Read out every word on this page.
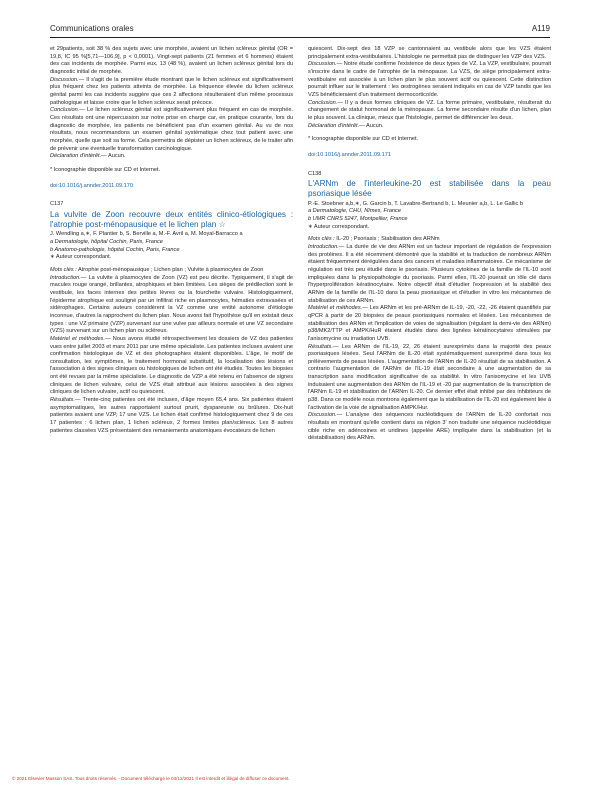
Communications orales	A119

et 29patients, soit 38 % des sujets avec une morphée, avaient un lichen scléreux génital (OR = 19,8, IC 95 %[5,71—106,9], p < 0,0001). Vingt-sept patients (21 femmes et 6 hommes) étaient des cas incidents de morphée. Parmi eux, 13 (48 %), avaient un lichen scléreux génital lors du diagnostic initial de morphée.

Discussion.— Il s'agit de la première étude montrant que le lichen scléreux est significativement plus fréquent chez les patients atteints de morphée. La fréquence élevée du lichen scléreux génital parmi les cas incidents suggère que ces 2 affections résulteraient d'un même processus pathologique et laisse croire que le lichen scléreux serait précoce.

Conclusion.— Le lichen scléreux génital est significativement plus fréquent en cas de morphée. Ces résultats ont une répercussion sur notre prise en charge car, en pratique courante, lors du diagnostic de morphée, les patients ne bénéficient pas d'un examen génital. Au vu de nos résultats, nous recommandons un examen génital systématique chez tout patient avec une morphée, quelle que soit sa forme. Cela permettra de dépister un lichen scléreux, de le traiter afin de prévenir une éventuelle transformation carcinologique.

Déclaration d'intérêt.— Aucun.

* Iconographie disponible sur CD et Internet.

doi:10.1016/j.annder.2011.09.170

C137

La vulvite de Zoon recouvre deux entités clinico-étiologiques : l'atrophie post-ménopausique et le lichen plan ☆

J. Wendling a,∗, F. Plantier b, S. Berville a, M.-F. Avril a, M. Moyal-Barracco a

a Dermatologie, hôpital Cochin, Paris, France

b Anatomo-pathologie, hôpital Cochin, Paris, France

∗ Auteur correspondant.

Mots clés : Atrophie post-ménopausique ; Lichen plan ; Vulvite à plasmocytes de Zoon

Introduction.— La vulvite à plasmocytes de Zoon (VZ) est peu décrite. Typiquement, il s'agit de macules rouge orangé, brillantes, atrophiques et bien limitées. Les sièges de prédilection sont le vestibule, les faces internes des petites lèvres ou la fourchette vulvaire. Histologiquement, l'épiderme atrophique est souligné par un infiltrat riche en plasmocytes, hématies extravasées et sidérophages. Certains auteurs considèrent la VZ comme une entité autonome d'étiologie inconnue, d'autres la rapprochent du lichen plan. Nous avons fait l'hypothèse qu'il en existait deux types : une VZ primaire (VZP) survenant sur une vulve par ailleurs normale et une VZ secondaire (VZS) survenant sur un lichen plan ou scléreux.

Matériel et méthodes.— Nous avons étudié rétrospectivement les dossiers de VZ des patientes vues entre juillet 2003 et mars 2011 par une même spécialiste. Les patientes incluses avaient une confirmation histologique de VZ et des photographies étaient disponibles. L'âge, le motif de consultation, les symptômes, le traitement hormonal substitutif, la localisation des lésions et l'association à des signes cliniques ou histologiques de lichen ont été étudiés. Toutes les biopsies ont été revues par la même spécialiste. Le diagnostic de VZP a été retenu en l'absence de signes cliniques de lichen vulvaire, celui de VZS était attribué aux lésions associées à des signes cliniques de lichen vulvaire, actif ou quiescent.

Résultats.— Trente-cinq patientes ont été incluses, d'âge moyen 65,4 ans. Six patientes étaient asymptomatiques, les autres rapportaient surtout prurit, dyspareunie ou brûlures. Dix-huit patientes avaient une VZP, 17 une VZS. Le lichen était confirmé histologiquement chez 9 de ces 17 patientes : 6 lichen plan, 1 lichen scléreux, 2 formes limites plan/scléreux. Les 8 autres patientes classées VZS présentaient des remaniements anatomiques évocateurs de lichen

quiescent. Dix-sept des 18 VZP se cantonnaient au vestibule alors que les VZS étaient principalement extra-vestibulaires. L'histologie ne permettait pas de distinguer les VZP des VZS.

Discussion.— Notre étude confirme l'existence de deux types de VZ. La VZP, vestibulaire, pourrait s'inscrire dans le cadre de l'atrophie de la ménopause. La VZS, de siège principalement extra-vestibulaire est associée à un lichen plan le plus souvent actif ou quiescent. Cette distinction pourrait influer sur le traitement : les œstrogènes seraient indiqués en cas de VZP tandis que les VZS bénéficieraient d'un traitement dermocorticoïde.

Conclusion.— Il y a deux formes cliniques de VZ. La forme primaire, vestibulaire, résulterait du changement de statut hormonal de la ménopause. La forme secondaire résulte d'un lichen, plan le plus souvent. La clinique, mieux que l'histologie, permet de différencier les deux.

Déclaration d'intérêt.— Aucun.

* Iconographie disponible sur CD et Internet.

doi:10.1016/j.annder.2011.09.171

C138

L'ARNm de l'interleukine-20 est stabilisée dans la peau psoriasique lésée

P.-E. Stoebner a,b,∗, G. Garcin b, T. Lavabre-Bertrand b, L. Meunier a,b, L. Le Gallic b

a Dermatologie, CHU, Nîmes, France

b UMR CNRS 5247, Montpellier, France

∗ Auteur correspondant.

Mots clés : IL-20 ; Psoriasis ; Stabilisation des ARNm

Introduction.— La durée de vie des ARNm est un facteur important de régulation de l'expression des protéines. Il a été récemment démontré que la stabilité et la traduction de nombreux ARNm étaient fréquemment dérégulées dans des cancers et maladies inflammatoires. Ce mécanisme de régulation est très peu étudié dans le psoriasis. Plusieurs cytokines de la famille de l'IL-10 sont impliquées dans la physiopathologie du psoriasis. Parmi elles, l'IL-20 jouerait un rôle clé dans l'hyperprolifération kératinocytaire. Notre objectif était d'étudier l'expression et la stabilité des ARNm de la famille de l'IL-10 dans la peau psoriasique et d'étudier in vitro les mécanismes de stabilisation de ces ARNm.

Matériel et méthodes.— Les ARNm et les pré-ARNm de IL-19, -20, -22, -26 étaient quantifiés par qPCR à partir de 20 biopsies de peaux psoriasiques normales et lésées. Les mécanismes de stabilisation des ARNm et l'implication de voies de signalisation (régulant la demi-vie des ARNm) p38/MK2/TTP et AMPK/HuR étaient étudiés dans des lignées kératinocytaires stimulées par l'anisomycine ou irradiation UVB.

Résultats.— Les ARNm de l'IL-19, 22, 26 étaient surexprimés dans la majorité des peaux psoriasiques lésées. Seul l'ARNm de IL-20 était systématiquement surexprimé dans tous les prélèvements de peaux lésées. L'augmentation de l'ARNm de IL-20 résultait de sa stabilisation. A contrario l'augmentation de l'ARNm de l'IL-19 était secondaire à une augmentation de sa transcription sans modification significative de sa stabilité. In vitro l'anisomycine et les UVB induisaient une augmentation des ARNm de l'IL-19 et -20 par augmentation de la transcription de l'ARNm IL-19 et stabilisation de l'ARNm IL-20. Ce dernier effet était inhibé par des inhibiteurs de p38. Dans ce modèle nous montrons également que la stabilisation de l'IL-20 est également liée à l'activation de la voie de signalisation AMPK/Hur.

Discussion.— L'analyse des séquences nucléotidiques de l'ARNm de IL-20 confortait nos résultats en montrant qu'elle contient dans sa région 3' non traduite une séquence nucléotidique cible riche en adénosines et uridines (appelée ARE) impliquée dans la stabilisation (et la déstabilisation) des ARNm.

© 2021 Elsevier Masson SAS. Tous droits réservés. - Document téléchargé le 04/12/2021 Il est interdit et illégal de diffuser ce document.
